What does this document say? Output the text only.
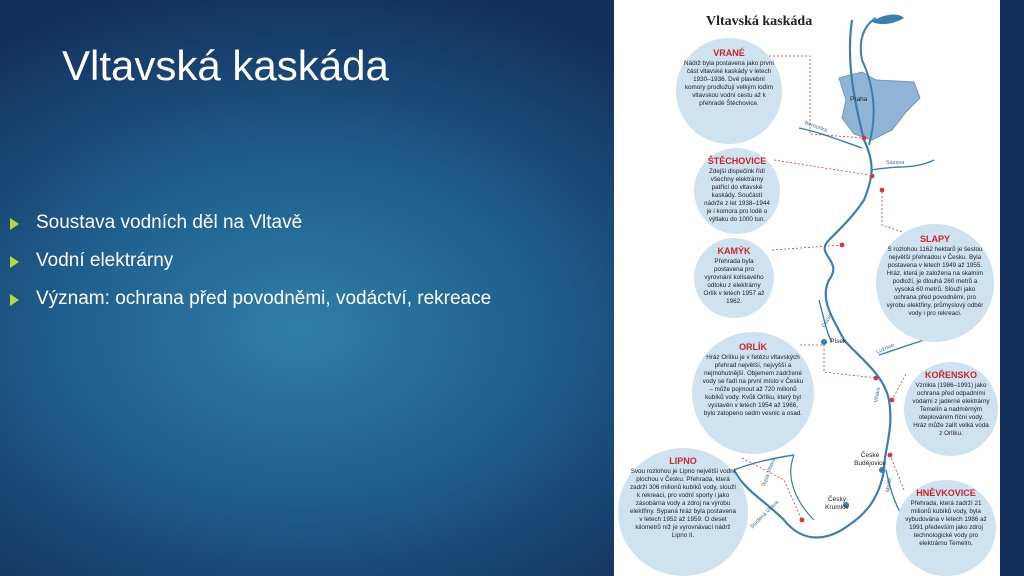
Vltavská kaskáda
Soustava vodních děl na Vltavě
Vodní elektrárny
Význam: ochrana před povodněmi, vodáctví, rekreace
Vltavská kaskáda
VRANÉ
Nádrž byla postavena jako první část vltavské kaskády v letech 1930–1936. Dvě plavební komory prodlužují velkým lodím vltavskou vodní cestu až k přehradě Štěchovice.
ŠTĚCHOVICE
Zdejší dispečink řídí všechny elektrárny patřící do vltavské kaskády. Součástí nádrže z let 1938–1944 je i komora pro lodě o výtlaku do 1000 tun.
SLAPY
S rozlohou 1162 hektarů je šestou největší přehradou v Česku. Byla postavena v letech 1949 až 1955. Hráz, která je založena na skalním podloží, je dlouhá 260 metrů a vysoká 60 metrů. Slouží jako ochrana před povodněmi, pro výrobu elektřiny, průmyslový odběr vody i pro rekreaci.
KAMÝK
Přehrada byla postavena pro vyrovnání kolísavého odtoku z elektrárny Orlík v letech 1957 až 1962.
ORLÍK
Hráz Orlíku je v řetězu vltavských přehrad největší, nejvyšší a nejmohutnější. Objemem zadržené vody se řadí na první místo v Česku – může pojmout až 720 milionů kubíků vody. Kvůli Orlíku, který byl vystavěn v letech 1954 až 1966, bylo zatopeno sedm vesnic a osad.
KOŘENSKO
Vznikla (1986–1991) jako ochrana před odpadními vodami z jaderné elektrárny Temelín a nadměrným oteplováním říční vody. Hráz může zalít velká voda z Orlíku.
LIPNO
Svou rozlohou je Lipno největší vodní plochou v Česku. Přehrada, která zadrží 306 milionů kubíků vody, slouží k rekreaci, pro vodní sporty i jako zásobárna vody a zdroj na výrobu elektřiny. Sypaná hráz byla postavena v letech 1952 až 1959. O deset kilometrů níž je vyrovnávací nádrž Lipno II.
HNĚVKOVICE
Přehrada, která zadrží 21 milionů kubíků vody, byla vybudována v letech 1986 až 1991 především jako zdroj technologické vody pro elektrárnu Temelín.
Praha
Písek
České Budějovice
Český Krumlov
Berounka
Sázava
Otava
Lužnice
Vltava
Malše
Teplá Vltava
Studená Vltava
